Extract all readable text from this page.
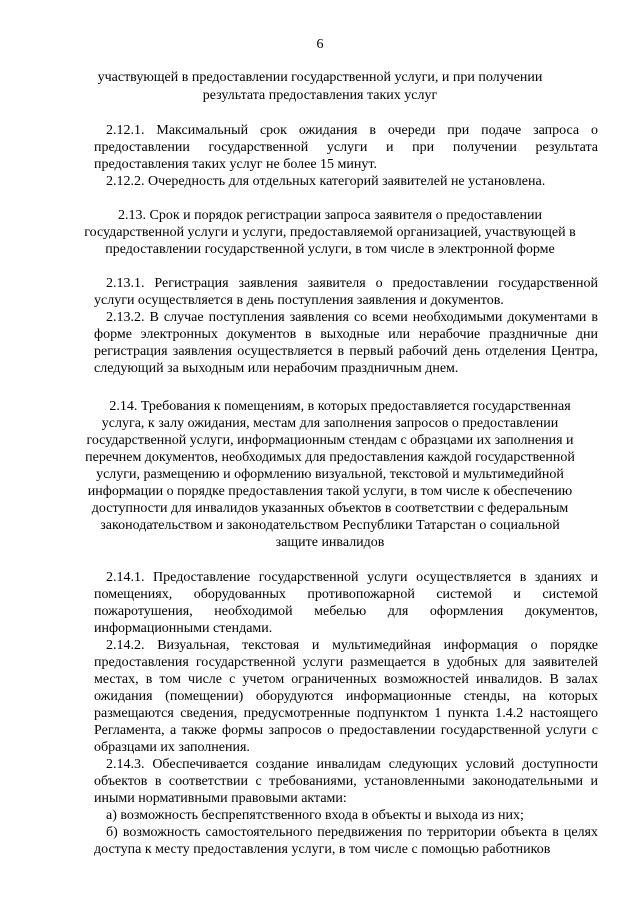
6
участвующей в предоставлении государственной услуги, и при получении
результата предоставления таких услуг
2.12.1. Максимальный срок ожидания в очереди при подаче запроса о предоставлении государственной услуги и при получении результата предоставления таких услуг не более 15 минут.
2.12.2. Очередность для отдельных категорий заявителей не установлена.
2.13. Срок и порядок регистрации запроса заявителя о предоставлении
государственной услуги и услуги, предоставляемой организацией, участвующей в
предоставлении государственной услуги, в том числе в электронной форме
2.13.1. Регистрация заявления заявителя о предоставлении государственной услуги осуществляется в день поступления заявления и документов.
2.13.2. В случае поступления заявления со всеми необходимыми документами в форме электронных документов в выходные или нерабочие праздничные дни регистрация заявления осуществляется в первый рабочий день отделения Центра, следующий за выходным или нерабочим праздничным днем.
2.14. Требования к помещениям, в которых предоставляется государственная
услуга, к залу ожидания, местам для заполнения запросов о предоставлении
государственной услуги, информационным стендам с образцами их заполнения и
перечнем документов, необходимых для предоставления каждой государственной
услуги, размещению и оформлению визуальной, текстовой и мультимедийной
информации о порядке предоставления такой услуги, в том числе к обеспечению
доступности для инвалидов указанных объектов в соответствии с федеральным
законодательством и законодательством Республики Татарстан о социальной
защите инвалидов
2.14.1. Предоставление государственной услуги осуществляется в зданиях и помещениях, оборудованных противопожарной системой и системой пожаротушения, необходимой мебелью для оформления документов, информационными стендами.
2.14.2. Визуальная, текстовая и мультимедийная информация о порядке предоставления государственной услуги размещается в удобных для заявителей местах, в том числе с учетом ограниченных возможностей инвалидов. В залах ожидания (помещении) оборудуются информационные стенды, на которых размещаются сведения, предусмотренные подпунктом 1 пункта 1.4.2 настоящего Регламента, а также формы запросов о предоставлении государственной услуги с образцами их заполнения.
2.14.3. Обеспечивается создание инвалидам следующих условий доступности объектов в соответствии с требованиями, установленными законодательными и иными нормативными правовыми актами:
а) возможность беспрепятственного входа в объекты и выхода из них;
б) возможность самостоятельного передвижения по территории объекта в целях доступа к месту предоставления услуги, в том числе с помощью работников
